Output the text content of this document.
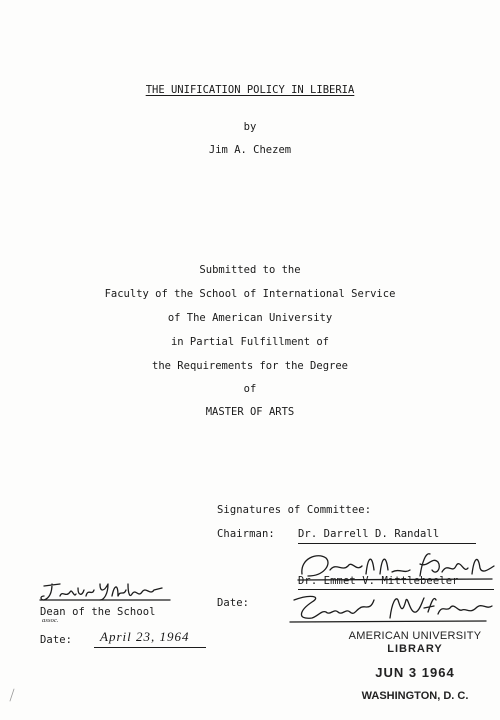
THE UNIFICATION POLICY IN LIBERIA
by
Jim A. Chezem
Submitted to the
Faculty of the School of International Service
of The American University
in Partial Fulfillment of
the Requirements for the Degree
of
MASTER OF ARTS
Signatures of Committee:
Chairman: Dr. Darrell D. Randall
Dr. Emmet V. Mittlebeeler
Date:
Dean of the School
assoc.
Date: April 23, 1964	AMERICAN UNIVERSITY
LIBRARY
JUN 3 1964
WASHINGTON, D. C.
